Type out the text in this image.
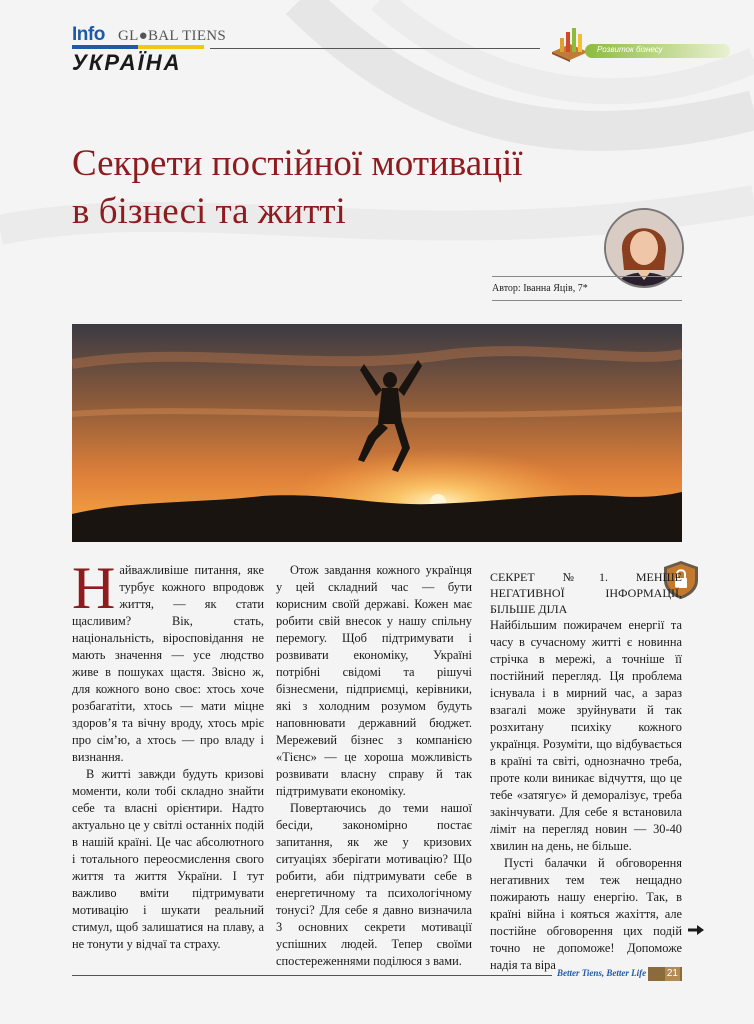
Info GL●BAL TIENS
УКРАЇНА
Розвиток бізнесу
Секрети постійної мотивації
в бізнесі та житті
Автор: Іванна Яців, 7*

Найважливіше питання, яке турбує кожного впродовж життя, — як стати щасливим? Вік, стать, національність, віросповідання не мають значення — усе людство живе в пошуках щастя. Звісно ж, для кожного воно своє: хтось хоче розбагатіти, хтось — мати міцне здоров’я та вічну вроду, хтось мріє про сім’ю, а хтось — про владу і визнання.

В житті завжди будуть кризові моменти, коли тобі складно знайти себе та власні орієнтири. Надто актуально це у світлі останніх подій в нашій країні. Це час абсолютного і тотального переосмислення свого життя та життя України. І тут важливо вміти підтримувати мотивацію і шукати реальний стимул, щоб залишатися на плаву, а не тонути у відчаї та страху.

Отож завдання кожного українця у цей складний час — бути корисним своїй державі. Кожен має робити свій внесок у нашу спільну перемогу. Щоб підтримувати і розвивати економіку, Україні потрібні свідомі та рішучі бізнесмени, підприємці, керівники, які з холодним розумом будуть наповнювати державний бюджет. Мережевий бізнес з компанією «Тієнс» — це хороша можливість розвивати власну справу й так підтримувати економіку.

Повертаючись до теми нашої бесіди, закономірно постає запитання, як же у кризових ситуаціях зберігати мотивацію? Що робити, аби підтримувати себе в енергетичному та психологічному тонусі? Для себе я давно визначила 3 основних секрети мотивації успішних людей. Тепер своїми спостереженнями поділюся з вами.

СЕКРЕТ №1. МЕНШЕ НЕГАТИВНОЇ ІНФОРМАЦІЇ, БІЛЬШЕ ДІЛА

Найбільшим пожирачем енергії та часу в сучасному житті є новинна стрічка в мережі, а точніше її постійний перегляд. Ця проблема існувала і в мирний час, а зараз взагалі може зруйнувати й так розхитану психіку кожного українця. Розуміти, що відбувається в країні та світі, однозначно треба, проте коли виникає відчуття, що це тебе «затягує» й деморалізує, треба закінчувати. Для себе я встановила ліміт на перегляд новин — 30-40 хвилин на день, не більше.

Пусті балачки й обговорення негативних тем теж нещадно пожирають нашу енергію. Так, в країні війна і кояться жахіття, але постійне обговорення цих подій точно не допоможе! Допоможе надія та віра

Better Tiens, Better Life 21
